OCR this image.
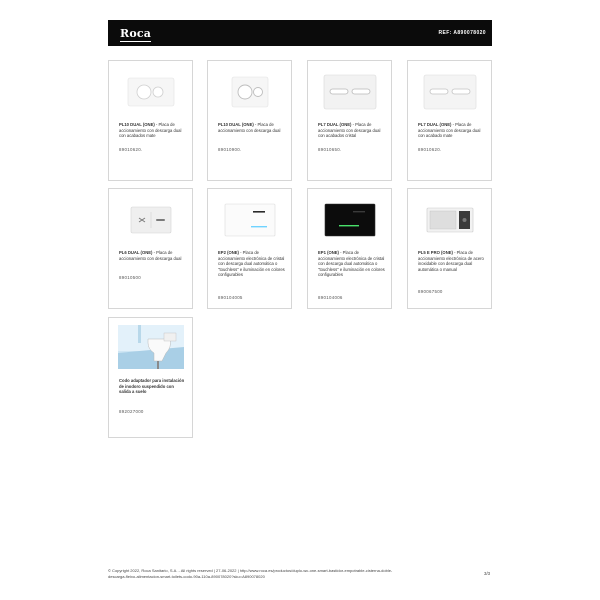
Roca	REF: A890078020
PL10 DUAL (ONE) - Placa de accionamiento con descarga dual con acabados mate
89010620.
PL10 DUAL (ONE) - Placa de accionamiento con descarga dual
89010900.
PL7 DUAL (ONE) - Placa de accionamiento con descarga dual con acabados cristal
89010650.
PL7 DUAL (ONE) - Placa de accionamiento con descarga dual con acabado mate
89010620.
PL6 DUAL (ONE) - Placa de accionamiento con descarga dual
89010500
EP2 (ONE) - Placa de accionamiento electrónica de cristal con descarga dual automática o "touchless" e iluminación en colores configurables
890104005
EP1 (ONE) - Placa de accionamiento electrónica de cristal con descarga dual automática o "touchless" e iluminación en colores configurables
890104006
PL5 E PRO (ONE) - Placa de accionamiento electrónica de acero inoxidable con descarga dual automática o manual
890067500
Codo adaptador para instalación de inodoro suspendido con salida a suelo
892027000
© Copyright 2022, Roca Sanitario, S.A. - All rights reserved | 27-06-2022 | http://www.roca.es/productos/duplo-wc-one-smart-bastidor-empotrable-cisterna-doble-
descarga-fleixo-alimentacion-smart-toilets-codo-90a-110a-890078020?sku=A890078020
3/3
